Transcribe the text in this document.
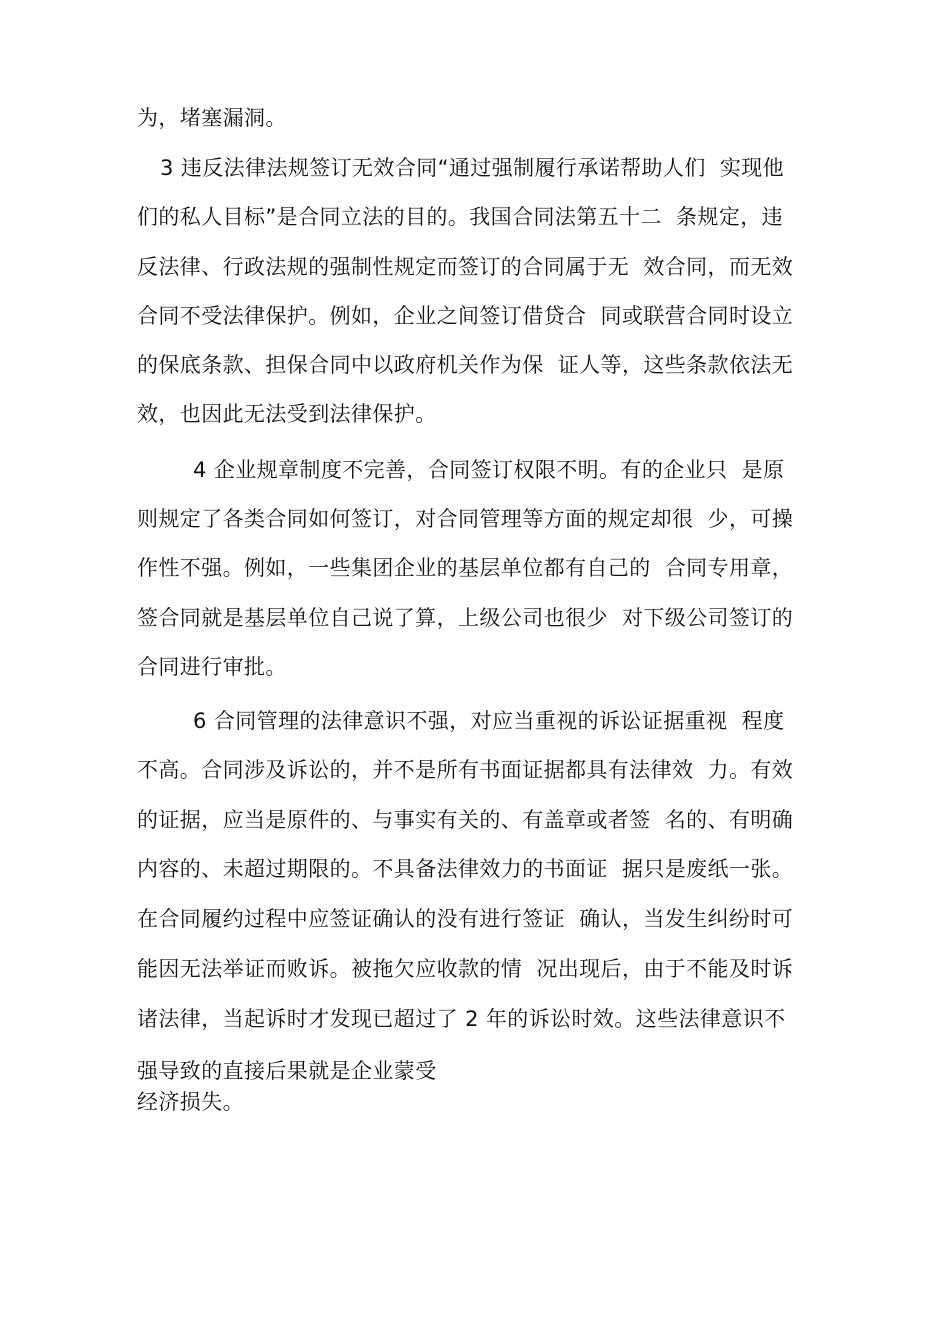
为，堵塞漏洞。
3 违反法律法规签订无效合同“通过强制履行承诺帮助人们  实现他
们的私人目标”是合同立法的目的。我国合同法第五十二  条规定，违
反法律、行政法规的强制性规定而签订的合同属于无  效合同，而无效
合同不受法律保护。例如，企业之间签订借贷合  同或联营合同时设立
的保底条款、担保合同中以政府机关作为保  证人等，这些条款依法无
效，也因此无法受到法律保护。
4 企业规章制度不完善，合同签订权限不明。有的企业只  是原
则规定了各类合同如何签订，对合同管理等方面的规定却很  少，可操
作性不强。例如，一些集团企业的基层单位都有自己的  合同专用章，
签合同就是基层单位自己说了算，上级公司也很少  对下级公司签订的
合同进行审批。
6 合同管理的法律意识不强，对应当重视的诉讼证据重视  程度
不高。合同涉及诉讼的，并不是所有书面证据都具有法律效  力。有效
的证据，应当是原件的、与事实有关的、有盖章或者签  名的、有明确
内容的、未超过期限的。不具备法律效力的书面证  据只是废纸一张。
在合同履约过程中应签证确认的没有进行签证  确认，当发生纠纷时可
能因无法举证而败诉。被拖欠应收款的情  况出现后，由于不能及时诉
诸法律，当起诉时才发现已超过了 2 年的诉讼时效。这些法律意识不
强导致的直接后果就是企业蒙受
经济损失。
